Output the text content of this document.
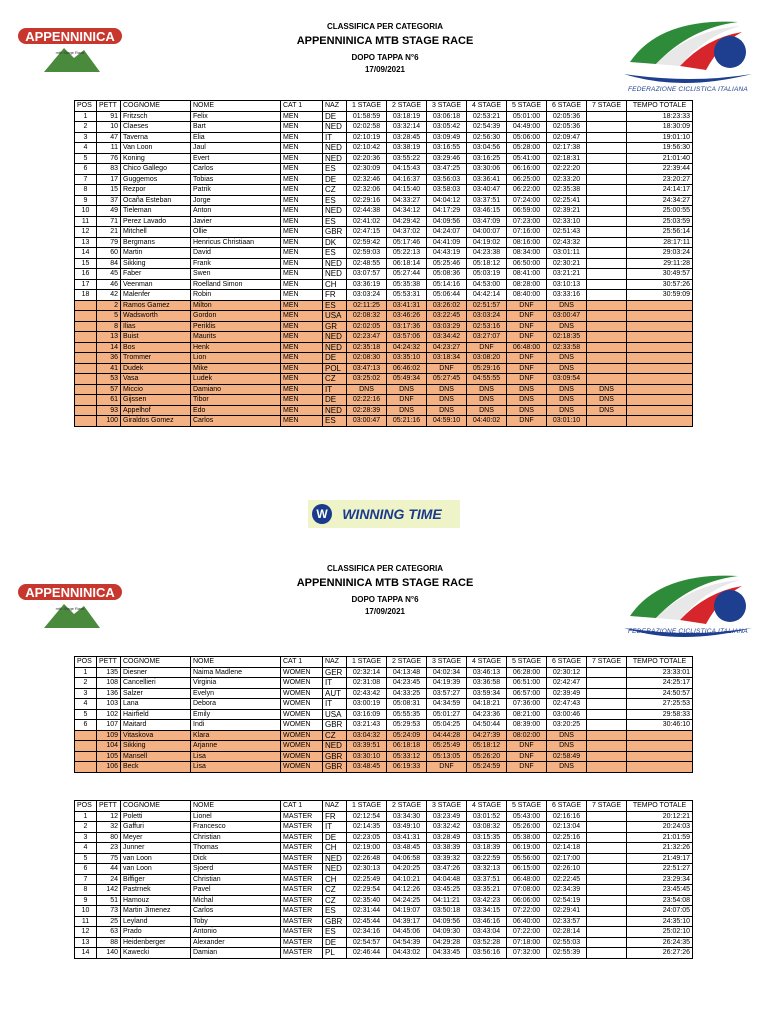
APPENNINICA
mtb Stage Race
CLASSIFICA PER CATEGORIA
APPENNINICA MTB STAGE RACE
DOPO TAPPA N°6
17/09/2021
FEDERAZIONE CICLISTICA ITALIANA
POS	PETT	COGNOME	NOME	CAT 1	NAZ	1 STAGE	2 STAGE	3 STAGE	4 STAGE	5 STAGE	6 STAGE	7 STAGE	TEMPO TOTALE
1	91	Fritzsch	Felix	MEN	DE	01:58:59	03:18:19	03:06:18	02:53:21	05:01:00	02:05:36		18:23:33
2	10	Claeses	Bart	MEN	NED	02:02:58	03:32:14	03:05:42	02:54:39	04:49:00	02:05:36		18:30:09
3	47	Taverna	Elia	MEN	IT	02:10:19	03:28:45	03:09:49	02:56:30	05:06:00	02:09:47		19:01:10
4	11	Van Loon	Jaul	MEN	NED	02:10:42	03:38:19	03:16:55	03:04:56	05:28:00	02:17:38		19:56:30
5	76	Koning	Evert	MEN	NED	02:20:36	03:55:22	03:29:46	03:16:25	05:41:00	02:18:31		21:01:40
6	83	Chico Gallego	Carlos	MEN	ES	02:30:09	04:15:43	03:47:25	03:30:06	06:16:00	02:22:20		22:39:44
7	17	Guggemos	Tobias	MEN	DE	02:32:46	04:16:37	03:56:03	03:36:41	06:25:00	02:33:20		23:20:27
8	15	Rezpor	Patrik	MEN	CZ	02:32:06	04:15:40	03:58:03	03:40:47	06:22:00	02:35:38		24:14:17
9	37	Ocaña Esteban	Jorge	MEN	ES	02:29:16	04:33:27	04:04:12	03:37:51	07:24:00	02:25:41		24:34:27
10	49	Tieleman	Anton	MEN	NED	02:44:38	04:34:12	04:17:29	03:46:15	06:59:00	02:39:21		25:00:55
11	71	Perez Lavado	Javier	MEN	ES	02:41:02	04:29:42	04:09:56	03:47:09	07:23:00	02:33:10		25:03:59
12	21	Mitchell	Ollie	MEN	GBR	02:47:15	04:37:02	04:24:07	04:00:07	07:16:00	02:51:43		25:56:14
13	79	Bergmans	Henricus Christiaan	MEN	DK	02:59:42	05:17:46	04:41:09	04:19:02	08:16:00	02:43:32		28:17:11
14	60	Martin	David	MEN	ES	02:59:03	05:22:13	04:43:19	04:23:38	08:34:00	03:01:11		29:03:24
15	84	Sikking	Frank	MEN	NED	02:48:55	06:18:14	05:25:46	05:18:12	06:50:00	02:30:21		29:11:28
16	45	Faber	Swen	MEN	NED	03:07:57	05:27:44	05:08:36	05:03:19	08:41:00	03:21:21		30:49:57
17	46	Veenman	Roelland Simon	MEN	CH	03:36:19	05:35:38	05:14:16	04:53:00	08:28:00	03:10:13		30:57:26
18	42	Malenfer	Robin	MEN	FR	03:03:24	05:53:31	05:06:44	04:42:14	08:40:00	03:33:16		30:59:09
	2	Ramos Gamez	Milton	MEN	ES	02:11:25	03:41:31	03:26:02	02:51:57	DNF	DNS		
	5	Wadsworth	Gordon	MEN	USA	02:08:32	03:46:26	03:22:45	03:03:24	DNF	03:00:47		
	8	Ilias	Periklis	MEN	GR	02:02:05	03:17:36	03:03:29	02:53:16	DNF	DNS		
	13	Buist	Maurits	MEN	NED	02:23:47	03:57:06	03:34:42	03:27:07	DNF	02:18:35		
	14	Bos	Henk	MEN	NED	02:35:18	04:24:32	04:23:27	DNF	06:48:00	02:33:58		
	36	Trommer	Lion	MEN	DE	02:08:30	03:35:10	03:18:34	03:08:20	DNF	DNS		
	41	Dudek	Mike	MEN	POL	03:47:13	06:46:02	DNF	05:29:16	DNF	DNS		
	53	Vasa	Ludek	MEN	CZ	03:25:02	05:49:34	05:27:45	04:55:55	DNF	03:09:54		
	57	Miccio	Damiano	MEN	IT	DNS	DNS	DNS	DNS	DNS	DNS	DNS	
	61	Gijssen	Tibor	MEN	DE	02:22:16	DNF	DNS	DNS	DNS	DNS	DNS	
	93	Appelhof	Edo	MEN	NED	02:28:39	DNS	DNS	DNS	DNS	DNS	DNS	
	100	Giraldos Gomez	Carlos	MEN	ES	03:00:47	05:21:16	04:59:10	04:40:02	DNF	03:01:10		
W WINNING TIME
APPENNINICA
mtb Stage Race
CLASSIFICA PER CATEGORIA
APPENNINICA MTB STAGE RACE
DOPO TAPPA N°6
17/09/2021
FEDERAZIONE CICLISTICA ITALIANA
POS	PETT	COGNOME	NOME	CAT 1	NAZ	1 STAGE	2 STAGE	3 STAGE	4 STAGE	5 STAGE	6 STAGE	7 STAGE	TEMPO TOTALE
1	135	Diesner	Naima Madlene	WOMEN	GER	02:32:14	04:13:48	04:02:34	03:46:13	06:28:00	02:30:12		23:33:01
2	108	Cancellieri	Virginia	WOMEN	IT	02:31:08	04:23:45	04:19:39	03:36:58	06:51:00	02:42:47		24:25:17
3	136	Salzer	Evelyn	WOMEN	AUT	02:43:42	04:33:25	03:57:27	03:59:34	06:57:00	02:39:49		24:50:57
4	103	Lana	Debora	WOMEN	IT	03:00:19	05:08:31	04:34:59	04:18:21	07:36:00	02:47:43		27:25:53
5	102	Hairfield	Emily	WOMEN	USA	03:16:09	05:55:35	05:01:27	04:23:36	08:21:00	03:00:46		29:58:33
6	107	Maitard	Indi	WOMEN	GBR	03:21:43	05:29:53	05:04:25	04:50:44	08:39:00	03:20:25		30:46:10
	109	Vitaskova	Klara	WOMEN	CZ	03:04:32	05:24:09	04:44:28	04:27:39	08:02:00	DNS		
	104	Sikking	Arjanne	WOMEN	NED	03:39:51	06:18:18	05:25:49	05:18:12	DNF	DNS		
	105	Mansell	Lisa	WOMEN	GBR	03:30:10	05:33:12	05:13:05	05:26:20	DNF	02:58:49		
	106	Beck	Lisa	WOMEN	GBR	03:48:45	06:19:33	DNF	05:24:59	DNF	DNS		
POS	PETT	COGNOME	NOME	CAT 1	NAZ	1 STAGE	2 STAGE	3 STAGE	4 STAGE	5 STAGE	6 STAGE	7 STAGE	TEMPO TOTALE
1	12	Poletti	Lionel	MASTER	FR	02:12:54	03:34:30	03:23:49	03:01:52	05:43:00	02:16:16		20:12:21
2	32	Gaffuri	Francesco	MASTER	IT	02:14:35	03:49:10	03:32:42	03:08:32	05:26:00	02:13:04		20:24:03
3	80	Meyer	Christian	MASTER	DE	02:23:05	03:41:31	03:28:49	03:15:35	05:38:00	02:25:16		21:01:59
4	23	Junner	Thomas	MASTER	CH	02:19:00	03:48:45	03:38:39	03:18:39	06:19:00	02:14:18		21:32:26
5	75	van Loon	Dick	MASTER	NED	02:26:48	04:06:58	03:39:32	03:22:59	05:56:00	02:17:00		21:49:17
6	44	van Loon	Sjoerd	MASTER	NED	02:30:13	04:20:25	03:47:26	03:32:13	06:15:00	02:26:10		22:51:27
7	24	Biffiger	Christian	MASTER	CH	02:25:49	04:10:21	04:04:48	03:37:51	06:48:00	02:22:45		23:29:34
8	142	Pastrnek	Pavel	MASTER	CZ	02:29:54	04:12:26	03:45:25	03:35:21	07:08:00	02:34:39		23:45:45
9	51	Hamouz	Michal	MASTER	CZ	02:35:40	04:24:25	04:11:21	03:42:23	06:06:00	02:54:19		23:54:08
10	73	Martin Jimenez	Carlos	MASTER	ES	02:31:44	04:19:07	03:50:18	03:34:15	07:22:00	02:29:41		24:07:05
11	25	Leyland	Toby	MASTER	GBR	02:45:44	04:39:17	04:09:56	03:46:16	06:40:00	02:33:57		24:35:10
12	63	Prado	Antonio	MASTER	ES	02:34:16	04:45:06	04:09:30	03:43:04	07:22:00	02:28:14		25:02:10
13	88	Heidenberger	Alexander	MASTER	DE	02:54:57	04:54:39	04:29:28	03:52:28	07:18:00	02:55:03		26:24:35
14	140	Kawecki	Damian	MASTER	PL	02:46:44	04:43:02	04:33:45	03:56:16	07:32:00	02:55:39		26:27:26
